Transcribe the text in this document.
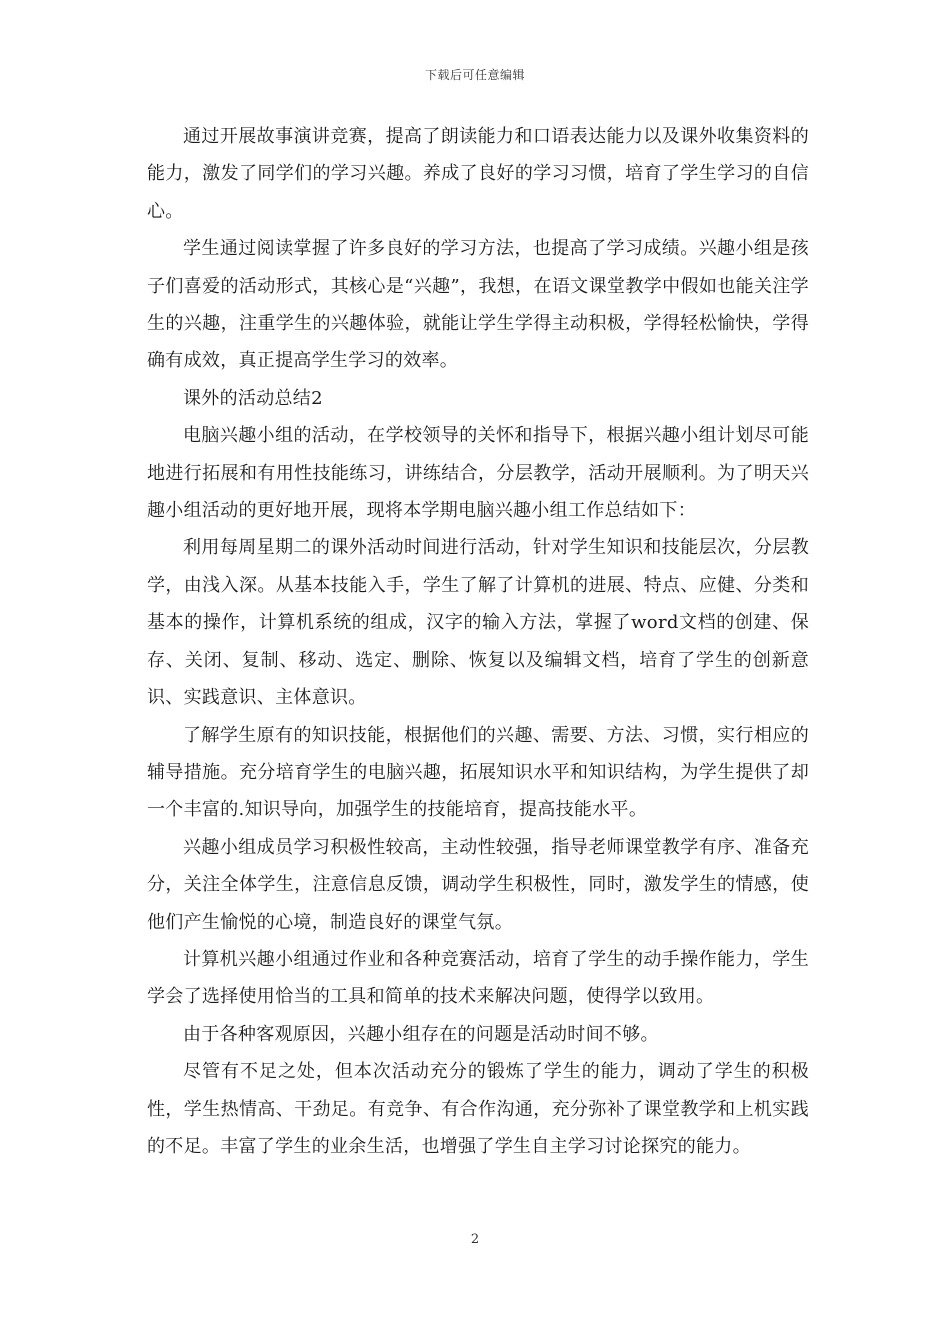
下载后可任意编辑

通过开展故事演讲竞赛，提高了朗读能力和口语表达能力以及课外收集资料的能力，激发了同学们的学习兴趣。养成了良好的学习习惯，培育了学生学习的自信心。

学生通过阅读掌握了许多良好的学习方法，也提高了学习成绩。兴趣小组是孩子们喜爱的活动形式，其核心是“兴趣”，我想，在语文课堂教学中假如也能关注学生的兴趣，注重学生的兴趣体验，就能让学生学得主动积极，学得轻松愉快，学得确有成效，真正提高学生学习的效率。

课外的活动总结2

电脑兴趣小组的活动，在学校领导的关怀和指导下，根据兴趣小组计划尽可能地进行拓展和有用性技能练习，讲练结合，分层教学，活动开展顺利。为了明天兴趣小组活动的更好地开展，现将本学期电脑兴趣小组工作总结如下：

利用每周星期二的课外活动时间进行活动，针对学生知识和技能层次，分层教学，由浅入深。从基本技能入手，学生了解了计算机的进展、特点、应健、分类和基本的操作，计算机系统的组成，汉字的输入方法，掌握了word文档的创建、保存、关闭、复制、移动、选定、删除、恢复以及编辑文档，培育了学生的创新意识、实践意识、主体意识。

了解学生原有的知识技能，根据他们的兴趣、需要、方法、习惯，实行相应的辅导措施。充分培育学生的电脑兴趣，拓展知识水平和知识结构，为学生提供了却一个丰富的.知识导向，加强学生的技能培育，提高技能水平。

兴趣小组成员学习积极性较高，主动性较强，指导老师课堂教学有序、准备充分，关注全体学生，注意信息反馈，调动学生积极性，同时，激发学生的情感，使他们产生愉悦的心境，制造良好的课堂气氛。

计算机兴趣小组通过作业和各种竞赛活动，培育了学生的动手操作能力，学生学会了选择使用恰当的工具和简单的技术来解决问题，使得学以致用。

由于各种客观原因，兴趣小组存在的问题是活动时间不够。

尽管有不足之处，但本次活动充分的锻炼了学生的能力，调动了学生的积极性，学生热情高、干劲足。有竞争、有合作沟通，充分弥补了课堂教学和上机实践的不足。丰富了学生的业余生活，也增强了学生自主学习讨论探究的能力。

2
